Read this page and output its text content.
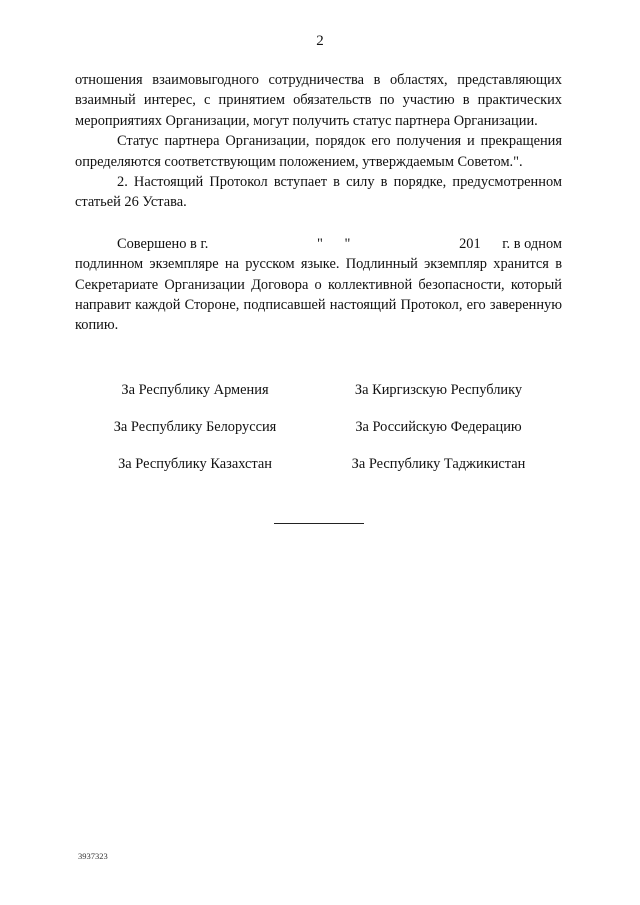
2

отношения взаимовыгодного сотрудничества в областях, представляющих взаимный интерес, с принятием обязательств по участию в практических мероприятиях Организации, могут получить статус партнера Организации.

Статус партнера Организации, порядок его получения и прекращения определяются соответствующим положением, утверждаемым Советом.".

2. Настоящий Протокол вступает в силу в порядке, предусмотренном статьей 26 Устава.

Совершено в г.	"      "	201      г. в одном

подлинном экземпляре на русском языке. Подлинный экземпляр хранится в Секретариате Организации Договора о коллективной безопасности, который направит каждой Стороне, подписавшей настоящий Протокол, его заверенную копию.

За Республику Армения	За Киргизскую Республику
За Республику Белоруссия	За Российскую Федерацию
За Республику Казахстан	За Республику Таджикистан
3937323
